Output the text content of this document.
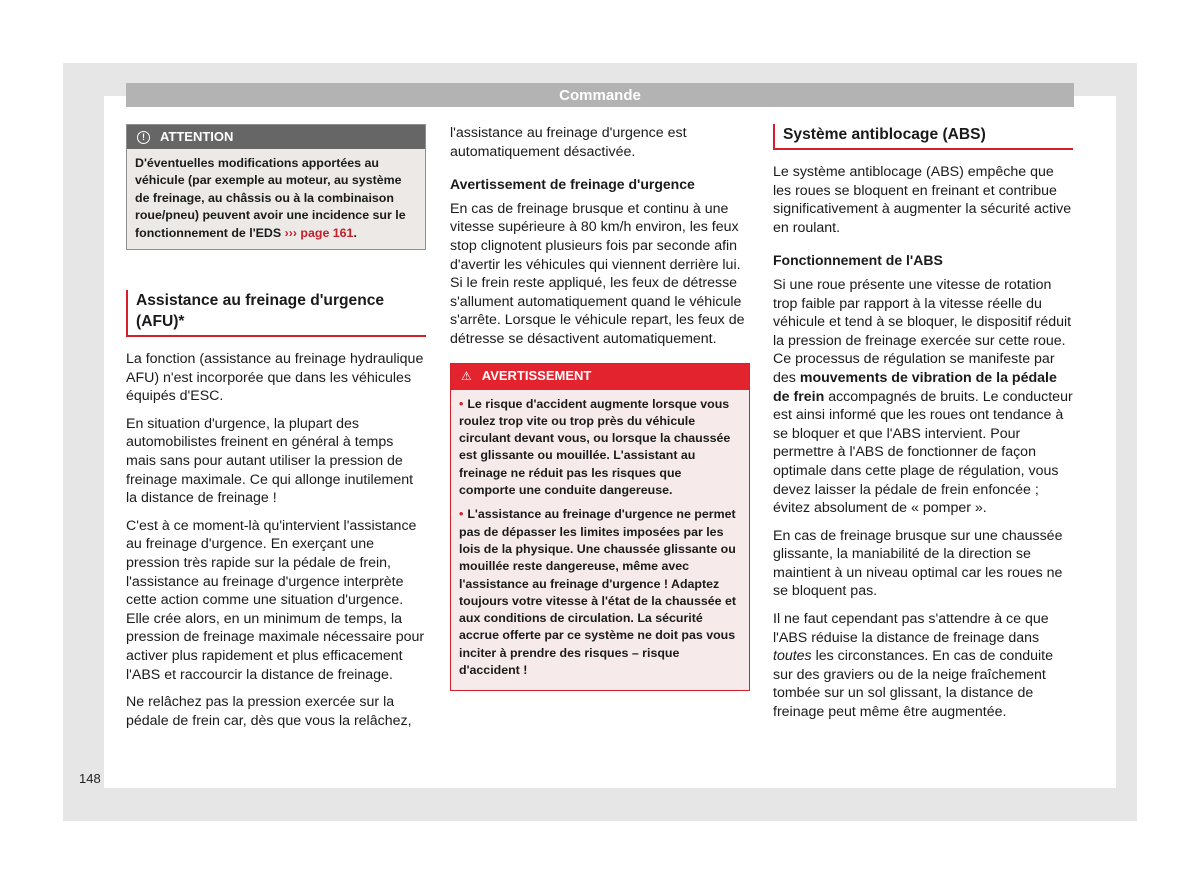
Commande
!	ATTENTION
D'éventuelles modifications apportées au véhicule (par exemple au moteur, au système de freinage, au châssis ou à la combinaison roue/pneu) peuvent avoir une incidence sur le fonctionnement de l'EDS ››› page 161.
Assistance au freinage d'urgence (AFU)*

La fonction (assistance au freinage hydraulique AFU) n'est incorporée que dans les véhicules équipés d'ESC.

En situation d'urgence, la plupart des automobilistes freinent en général à temps mais sans pour autant utiliser la pression de freinage maximale. Ce qui allonge inutilement la distance de freinage !

C'est à ce moment-là qu'intervient l'assistance au freinage d'urgence. En exerçant une pression très rapide sur la pédale de frein, l'assistance au freinage d'urgence interprète cette action comme une situation d'urgence. Elle crée alors, en un minimum de temps, la pression de freinage maximale nécessaire pour activer plus rapidement et plus efficacement l'ABS et raccourcir la distance de freinage.

Ne relâchez pas la pression exercée sur la pédale de frein car, dès que vous la relâchez,

l'assistance au freinage d'urgence est automatiquement désactivée.

Avertissement de freinage d'urgence

En cas de freinage brusque et continu à une vitesse supérieure à 80 km/h environ, les feux stop clignotent plusieurs fois par seconde afin d'avertir les véhicules qui viennent derrière lui. Si le frein reste appliqué, les feux de détresse s'allument automatiquement quand le véhicule s'arrête. Lorsque le véhicule repart, les feux de détresse se désactivent automatiquement.

⚠ AVERTISSEMENT

• Le risque d'accident augmente lorsque vous roulez trop vite ou trop près du véhicule circulant devant vous, ou lorsque la chaussée est glissante ou mouillée. L'assistant au freinage ne réduit pas les risques que comporte une conduite dangereuse.

• L'assistance au freinage d'urgence ne permet pas de dépasser les limites imposées par les lois de la physique. Une chaussée glissante ou mouillée reste dangereuse, même avec l'assistance au freinage d'urgence ! Adaptez toujours votre vitesse à l'état de la chaussée et aux conditions de circulation. La sécurité accrue offerte par ce système ne doit pas vous inciter à prendre des risques – risque d'accident !

Système antiblocage (ABS)

Le système antiblocage (ABS) empêche que les roues se bloquent en freinant et contribue significativement à augmenter la sécurité active en roulant.

Fonctionnement de l'ABS

Si une roue présente une vitesse de rotation trop faible par rapport à la vitesse réelle du véhicule et tend à se bloquer, le dispositif réduit la pression de freinage exercée sur cette roue. Ce processus de régulation se manifeste par des mouvements de vibration de la pédale de frein accompagnés de bruits. Le conducteur est ainsi informé que les roues ont tendance à se bloquer et que l'ABS intervient. Pour permettre à l'ABS de fonctionner de façon optimale dans cette plage de régulation, vous devez laisser la pédale de frein enfoncée ; évitez absolument de « pomper ».

En cas de freinage brusque sur une chaussée glissante, la maniabilité de la direction se maintient à un niveau optimal car les roues ne se bloquent pas.

Il ne faut cependant pas s'attendre à ce que l'ABS réduise la distance de freinage dans toutes les circonstances. En cas de conduite sur des graviers ou de la neige fraîchement tombée sur un sol glissant, la distance de freinage peut même être augmentée.

148
